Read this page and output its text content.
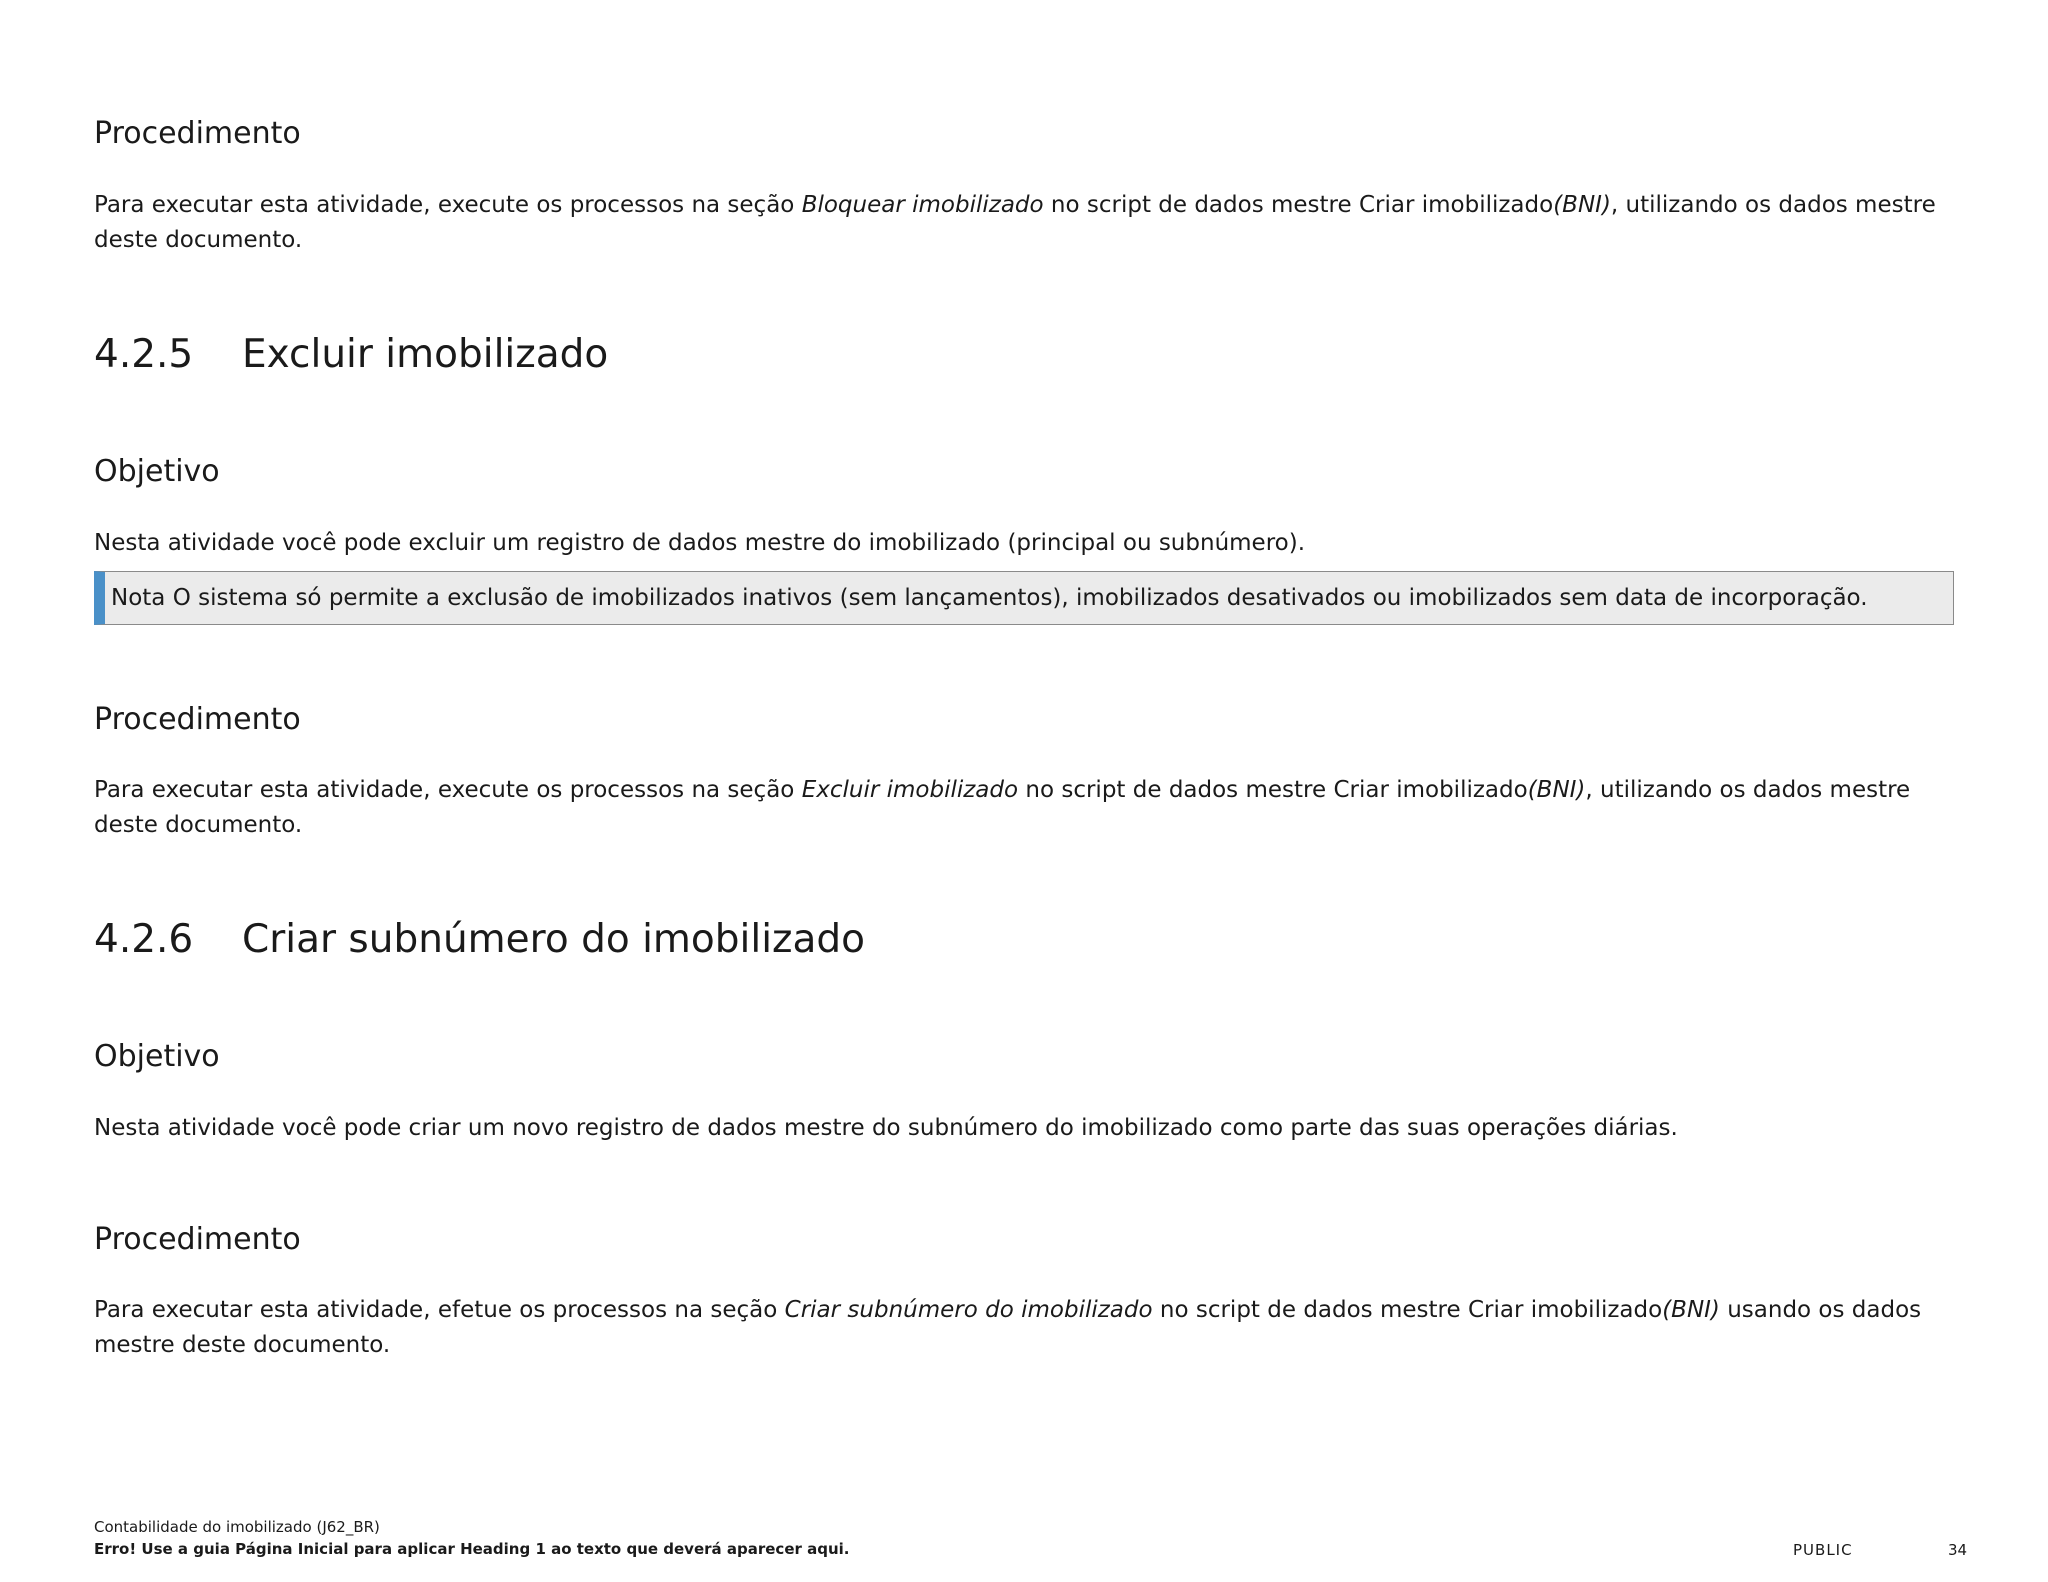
Procedimento

Para executar esta atividade, execute os processos na seção Bloquear imobilizado no script de dados mestre Criar imobilizado(BNI), utilizando os dados mestre deste documento.

4.2.5 Excluir imobilizado
Objetivo

Nesta atividade você pode excluir um registro de dados mestre do imobilizado (principal ou subnúmero).

Nota O sistema só permite a exclusão de imobilizados inativos (sem lançamentos), imobilizados desativados ou imobilizados sem data de incorporação.
Procedimento

Para executar esta atividade, execute os processos na seção Excluir imobilizado no script de dados mestre Criar imobilizado(BNI), utilizando os dados mestre deste documento.

4.2.6 Criar subnúmero do imobilizado
Objetivo

Nesta atividade você pode criar um novo registro de dados mestre do subnúmero do imobilizado como parte das suas operações diárias.

Procedimento

Para executar esta atividade, efetue os processos na seção Criar subnúmero do imobilizado no script de dados mestre Criar imobilizado(BNI) usando os dados mestre deste documento.

Contabilidade do imobilizado (J62_BR)
Erro! Use a guia Página Inicial para aplicar Heading 1 ao texto que deverá aparecer aqui.	PUBLIC	34
